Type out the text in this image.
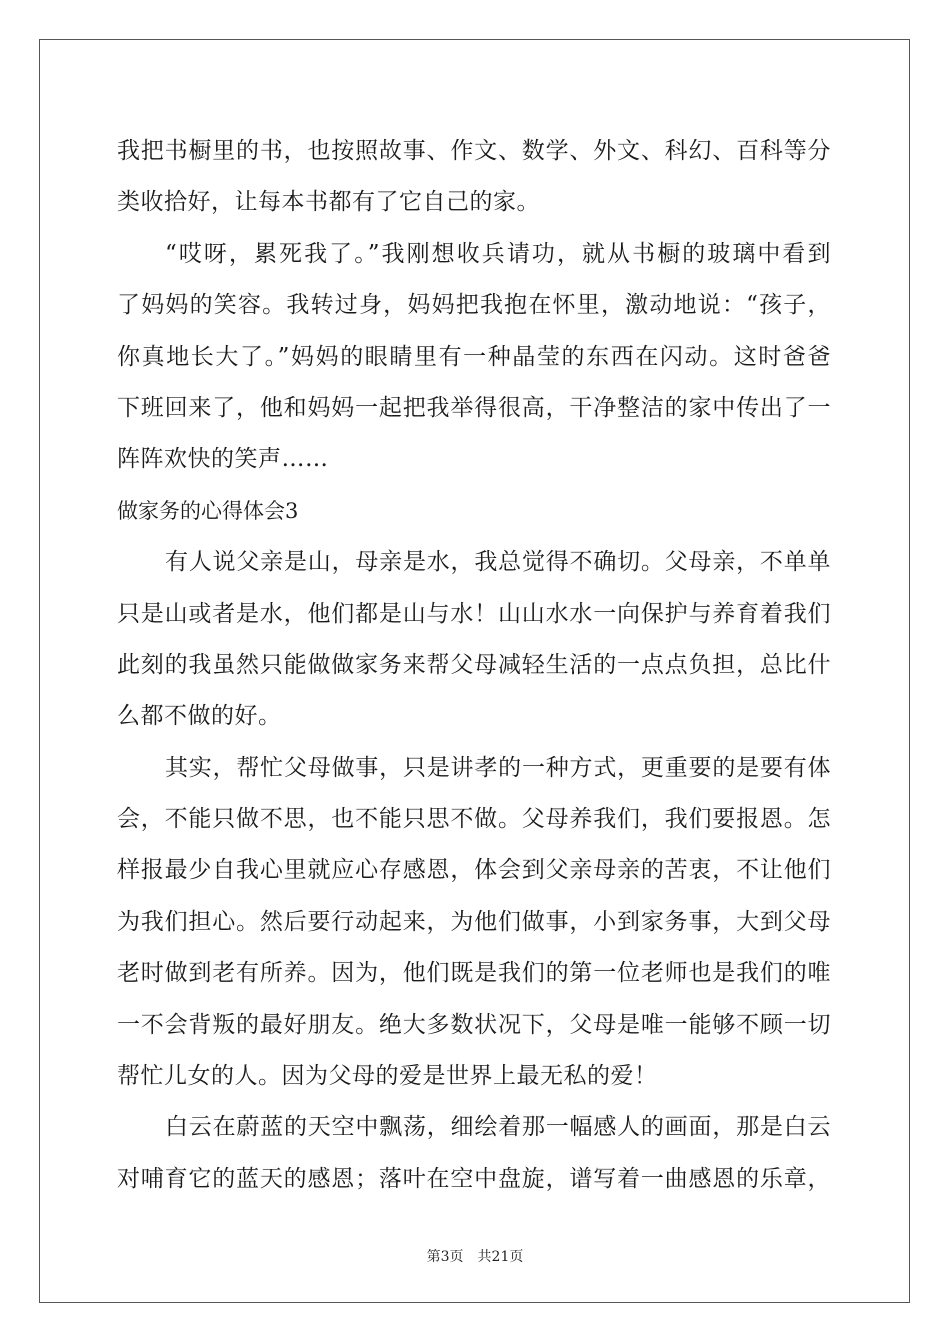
我把书橱里的书，也按照故事、作文、数学、外文、科幻、百科等分
类收拾好，让每本书都有了它自己的家。
“哎呀，累死我了。”我刚想收兵请功，就从书橱的玻璃中看到
了妈妈的笑容。我转过身，妈妈把我抱在怀里，激动地说：“孩子，
你真地长大了。”妈妈的眼睛里有一种晶莹的东西在闪动。这时爸爸
下班回来了，他和妈妈一起把我举得很高，干净整洁的家中传出了一
阵阵欢快的笑声……
做家务的心得体会3
有人说父亲是山，母亲是水，我总觉得不确切。父母亲，不单单
只是山或者是水，他们都是山与水！山山水水一向保护与养育着我们
此刻的我虽然只能做做家务来帮父母减轻生活的一点点负担，总比什
么都不做的好。
其实，帮忙父母做事，只是讲孝的一种方式，更重要的是要有体
会，不能只做不思，也不能只思不做。父母养我们，我们要报恩。怎
样报最少自我心里就应心存感恩，体会到父亲母亲的苦衷，不让他们
为我们担心。然后要行动起来，为他们做事，小到家务事，大到父母
老时做到老有所养。因为，他们既是我们的第一位老师也是我们的唯
一不会背叛的最好朋友。绝大多数状况下，父母是唯一能够不顾一切
帮忙儿女的人。因为父母的爱是世界上最无私的爱！
白云在蔚蓝的天空中飘荡，细绘着那一幅感人的画面，那是白云
对哺育它的蓝天的感恩；落叶在空中盘旋，谱写着一曲感恩的乐章，
第3页　共21页
